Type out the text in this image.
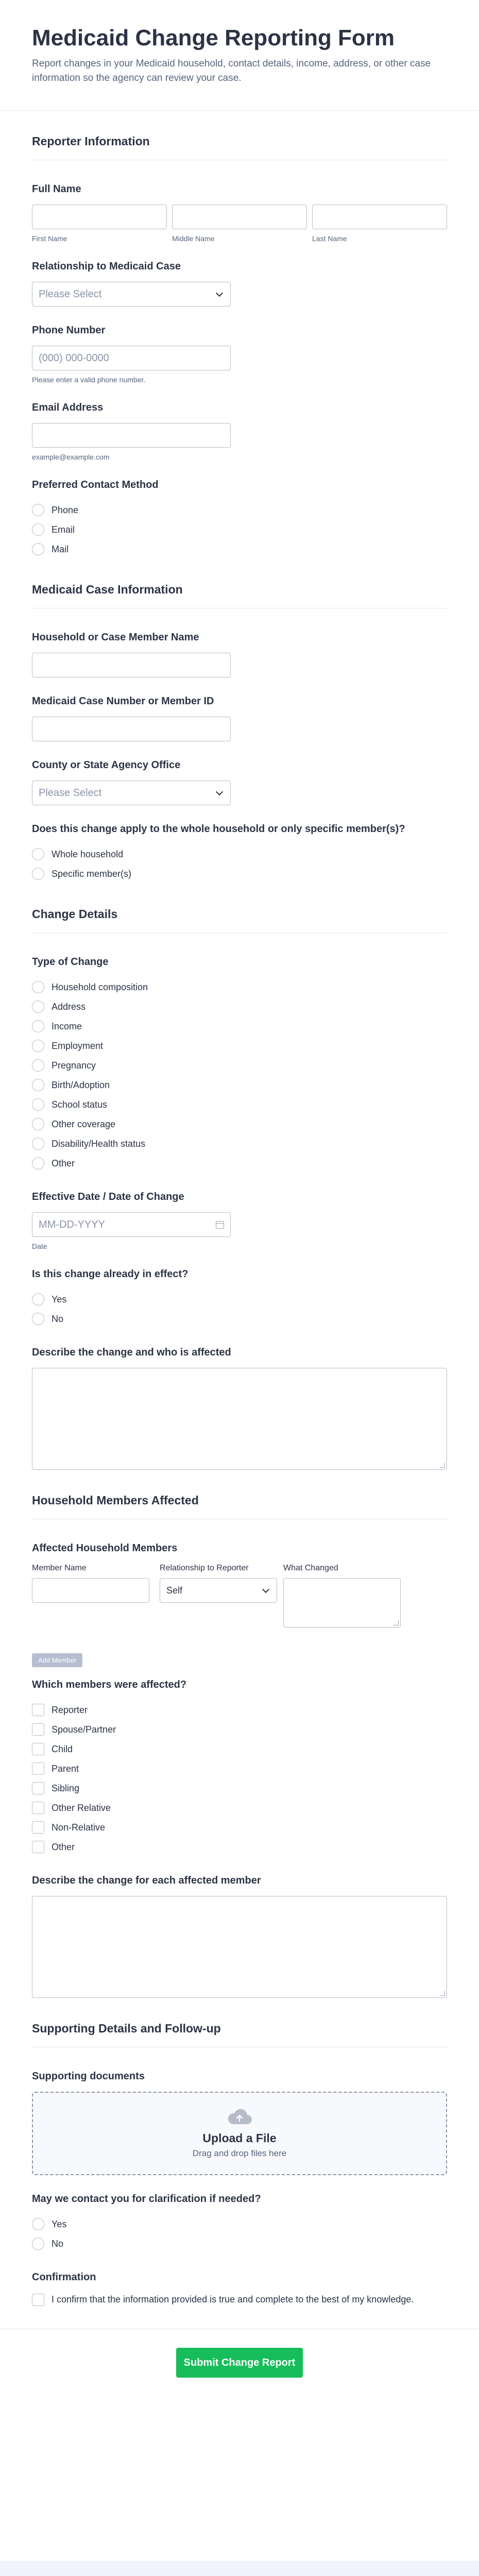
Medicaid Change Reporting Form
Report changes in your Medicaid household, contact details, income, address, or other case information so the agency can review your case.
Reporter Information
Full Name
First Name	Middle Name	Last Name
Relationship to Medicaid Case
Please Select
Phone Number
(000) 000-0000
Please enter a valid phone number.
Email Address
example@example.com
Preferred Contact Method
Phone
Email
Mail
Medicaid Case Information
Household or Case Member Name
Medicaid Case Number or Member ID
County or State Agency Office
Please Select
Does this change apply to the whole household or only specific member(s)?
Whole household
Specific member(s)
Change Details
Type of Change
Household composition
Address
Income
Employment
Pregnancy
Birth/Adoption
School status
Other coverage
Disability/Health status
Other
Effective Date / Date of Change
MM-DD-YYYY
Date
Is this change already in effect?
Yes
No
Describe the change and who is affected
Household Members Affected
Affected Household Members
Member Name	Relationship to Reporter	What Changed
Self
Add Member
Which members were affected?
Reporter
Spouse/Partner
Child
Parent
Sibling
Other Relative
Non-Relative
Other
Describe the change for each affected member
Supporting Details and Follow-up
Supporting documents
Upload a File
Drag and drop files here
May we contact you for clarification if needed?
Yes
No
Confirmation
I confirm that the information provided is true and complete to the best of my knowledge.
Submit Change Report
